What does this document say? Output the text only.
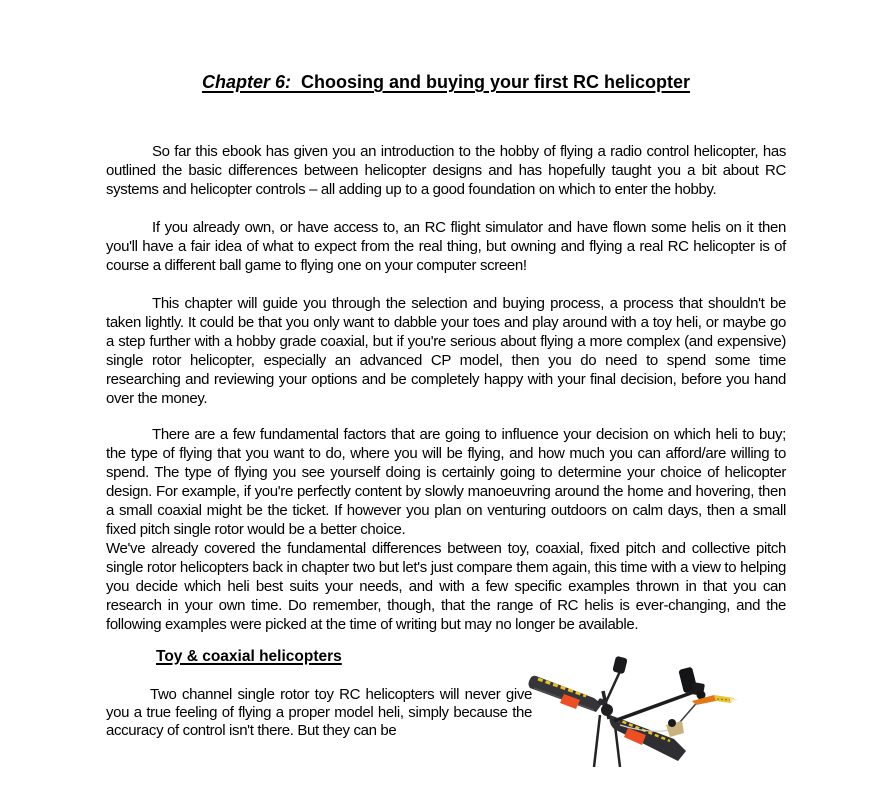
Chapter 6:  Choosing and buying your first RC helicopter

So far this ebook has given you an introduction to the hobby of flying a radio control helicopter, has outlined the basic differences between helicopter designs and has hopefully taught you a bit about RC systems and helicopter controls – all adding up to a good foundation on which to enter the hobby.

If you already own, or have access to, an RC flight simulator and have flown some helis on it then you'll have a fair idea of what to expect from the real thing, but owning and flying a real RC helicopter is of course a different ball game to flying one on your computer screen!

This chapter will guide you through the selection and buying process, a process that shouldn't be taken lightly. It could be that you only want to dabble your toes and play around with a toy heli, or maybe go a step further with a hobby grade coaxial, but if you're serious about flying a more complex (and expensive) single rotor helicopter, especially an advanced CP model, then you do need to spend some time researching and reviewing your options and be completely happy with your final decision, before you hand over the money.

There are a few fundamental factors that are going to influence your decision on which heli to buy; the type of flying that you want to do, where you will be flying, and how much you can afford/are willing to spend. The type of flying you see yourself doing is certainly going to determine your choice of helicopter design. For example, if you're perfectly content by slowly manoeuvring around the home and hovering, then a small coaxial might be the ticket. If however you plan on venturing outdoors on calm days, then a small fixed pitch single rotor would be a better choice.

We've already covered the fundamental differences between toy, coaxial, fixed pitch and collective pitch single rotor helicopters back in chapter two but let's just compare them again, this time with a view to helping you decide which heli best suits your needs, and with a few specific examples thrown in that you can research in your own time. Do remember, though, that the range of RC helis is ever-changing, and the following examples were picked at the time of writing but may no longer be available.

Toy & coaxial helicopters

Two channel single rotor toy RC helicopters will never give you a true feeling of flying a proper model heli, simply because the accuracy of control isn't there. But they can be
